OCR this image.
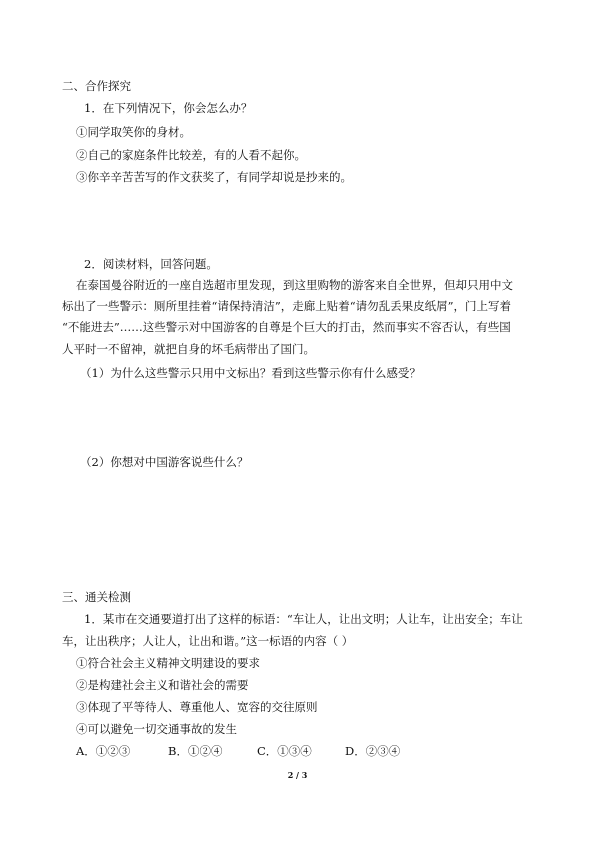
二、合作探究
1．在下列情况下，你会怎么办？
①同学取笑你的身材。
②自己的家庭条件比较差，有的人看不起你。
③你辛辛苦苦写的作文获奖了，有同学却说是抄来的。
2．阅读材料，回答问题。
在泰国曼谷附近的一座自选超市里发现，到这里购物的游客来自全世界，但却只用中文
标出了一些警示：厕所里挂着“请保持清洁”，走廊上贴着“请勿乱丢果皮纸屑”，门上写着
“不能进去”……这些警示对中国游客的自尊是个巨大的打击，然而事实不容否认，有些国
人平时一不留神，就把自身的坏毛病带出了国门。
（1）为什么这些警示只用中文标出？看到这些警示你有什么感受？
（2）你想对中国游客说些什么？
三、通关检测
1．某市在交通要道打出了这样的标语：“车让人，让出文明；人让车，让出安全；车让
车，让出秩序；人让人，让出和谐。”这一标语的内容（ ）
①符合社会主义精神文明建设的要求
②是构建社会主义和谐社会的需要
③体现了平等待人、尊重他人、宽容的交往原则
④可以避免一切交通事故的发生
A．①②③	B．①②④	C．①③④	D．②③④
2 / 3
